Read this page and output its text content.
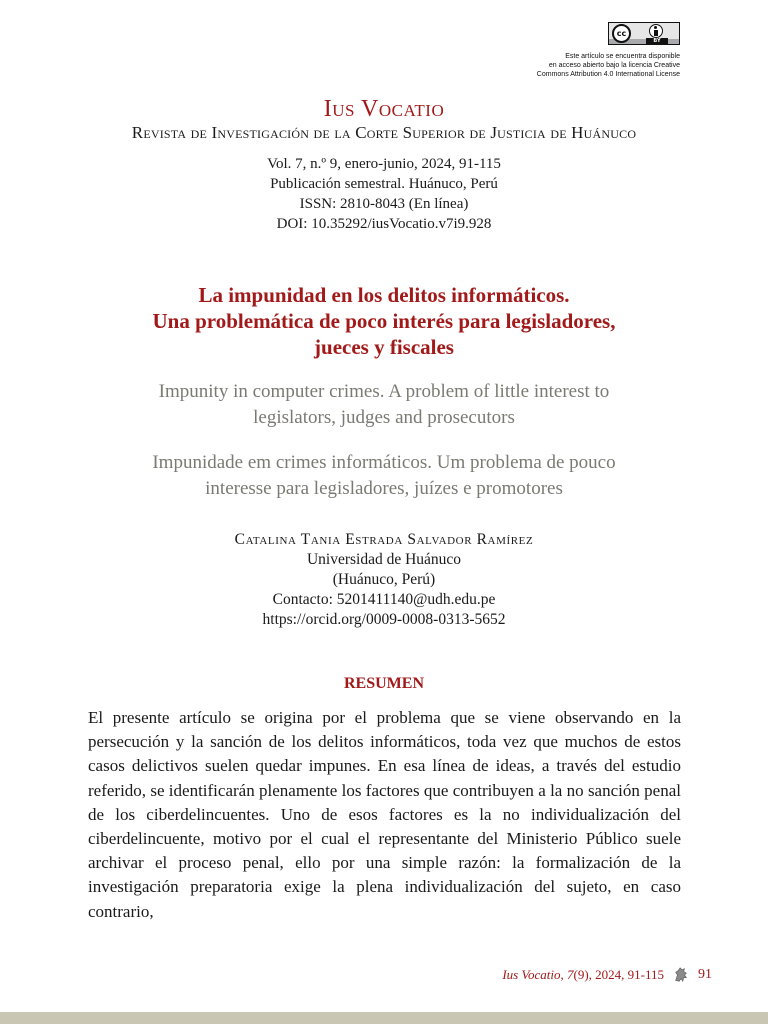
cc
BY
Este artículo se encuentra disponible
en acceso abierto bajo la licencia Creative
Commons Attribution 4.0 International License
Ius Vocatio
Revista de Investigación de la Corte Superior de Justicia de Huánuco
Vol. 7, n.º 9, enero-junio, 2024, 91-115
Publicación semestral. Huánuco, Perú
ISSN: 2810-8043 (En línea)
DOI: 10.35292/iusVocatio.v7i9.928
La impunidad en los delitos informáticos.
Una problemática de poco interés para legisladores,
jueces y fiscales
Impunity in computer crimes. A problem of little interest to
legislators, judges and prosecutors
Impunidade em crimes informáticos. Um problema de pouco
interesse para legisladores, juízes e promotores
Catalina Tania Estrada Salvador Ramírez
Universidad de Huánuco
(Huánuco, Perú)
Contacto: 5201411140@udh.edu.pe
https://orcid.org/0009-0008-0313-5652
RESUMEN
El presente artículo se origina por el problema que se viene observando en la persecución y la sanción de los delitos informáticos, toda vez que muchos de estos casos delictivos suelen quedar impunes. En esa línea de ideas, a través del estudio referido, se identificarán plenamente los factores que contribuyen a la no sanción penal de los ciberdelincuentes. Uno de esos factores es la no individualización del ciberdelincuente, motivo por el cual el representante del Ministerio Público suele archivar el proceso penal, ello por una simple razón: la formalización de la investigación preparatoria exige la plena individualización del sujeto, en caso contrario,
Ius Vocatio, 7(9), 2024, 91-115 91
